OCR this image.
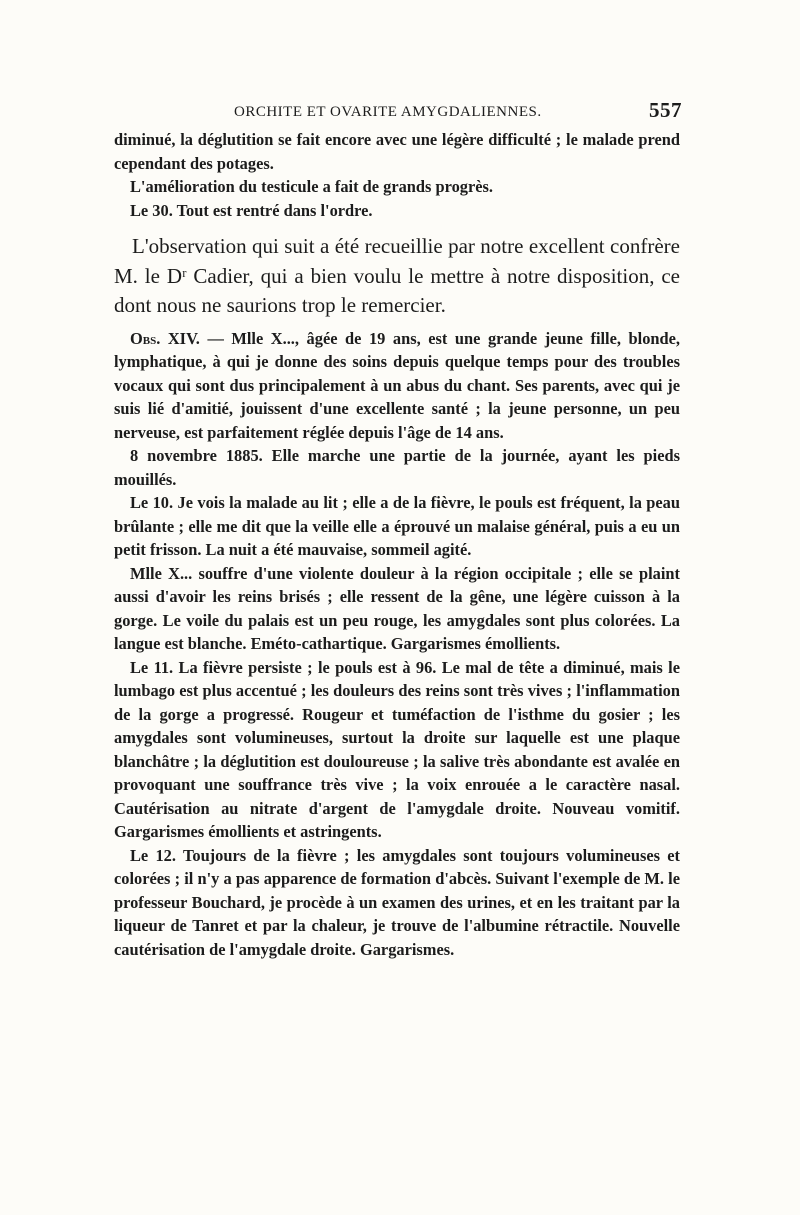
ORCHITE ET OVARITE AMYGDALIENNES.	557

diminué, la déglutition se fait encore avec une légère difficulté ; le malade prend cependant des potages.

L'amélioration du testicule a fait de grands progrès.

Le 30. Tout est rentré dans l'ordre.

L'observation qui suit a été recueillie par notre excellent confrère M. le Dʳ Cadier, qui a bien voulu le mettre à notre disposition, ce dont nous ne saurions trop le remercier.

Obs. XIV. — Mlle X..., âgée de 19 ans, est une grande jeune fille, blonde, lymphatique, à qui je donne des soins depuis quelque temps pour des troubles vocaux qui sont dus principalement à un abus du chant. Ses parents, avec qui je suis lié d'amitié, jouissent d'une excellente santé ; la jeune personne, un peu nerveuse, est parfaitement réglée depuis l'âge de 14 ans.

8 novembre 1885. Elle marche une partie de la journée, ayant les pieds mouillés.

Le 10. Je vois la malade au lit ; elle a de la fièvre, le pouls est fréquent, la peau brûlante ; elle me dit que la veille elle a éprouvé un malaise général, puis a eu un petit frisson. La nuit a été mauvaise, sommeil agité.

Mlle X... souffre d'une violente douleur à la région occipitale ; elle se plaint aussi d'avoir les reins brisés ; elle ressent de la gêne, une légère cuisson à la gorge. Le voile du palais est un peu rouge, les amygdales sont plus colorées. La langue est blanche. Eméto-cathartique. Gargarismes émollients.

Le 11. La fièvre persiste ; le pouls est à 96. Le mal de tête a diminué, mais le lumbago est plus accentué ; les douleurs des reins sont très vives ; l'inflammation de la gorge a progressé. Rougeur et tuméfaction de l'isthme du gosier ; les amygdales sont volumineuses, surtout la droite sur laquelle est une plaque blanchâtre ; la déglutition est douloureuse ; la salive très abondante est avalée en provoquant une souffrance très vive ; la voix enrouée a le caractère nasal. Cautérisation au nitrate d'argent de l'amygdale droite. Nouveau vomitif. Gargarismes émollients et astringents.

Le 12. Toujours de la fièvre ; les amygdales sont toujours volumineuses et colorées ; il n'y a pas apparence de formation d'abcès. Suivant l'exemple de M. le professeur Bouchard, je procède à un examen des urines, et en les traitant par la liqueur de Tanret et par la chaleur, je trouve de l'albumine rétractile. Nouvelle cautérisation de l'amygdale droite. Gargarismes.
